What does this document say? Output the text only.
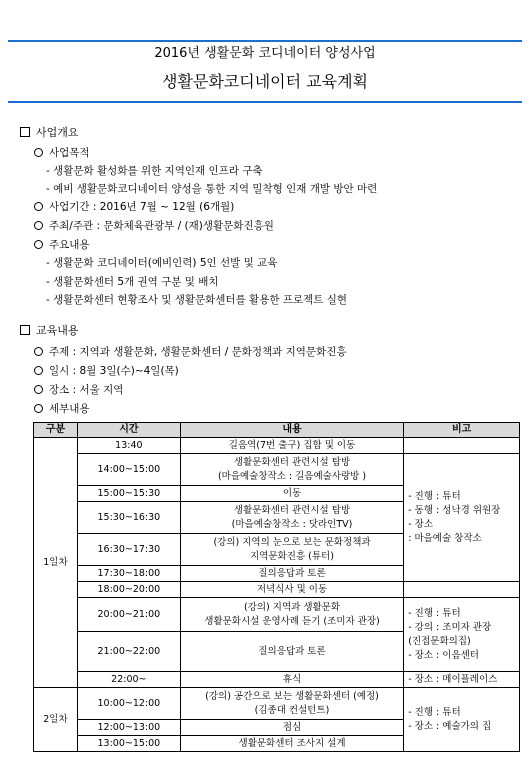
2016년 생활문화 코디네이터 양성사업
생활문화코디네이터 교육계획
사업개요
사업목적
- 생활문화 활성화를 위한 지역인재 인프라 구축
- 예비 생활문화코디네이터 양성을 통한 지역 밀착형 인재 개발 방안 마련
사업기간 : 2016년 7월 ~ 12월 (6개월)
주최/주관 : 문화체육관광부 / (재)생활문화진흥원
주요내용
- 생활문화 코디네이터(예비인력) 5인 선발 및 교육
- 생활문화센터 5개 권역 구분 및 배치
- 생활문화센터 현황조사 및 생활문화센터를 활용한 프로젝트 실현
교육내용
주제 : 지역과 생활문화, 생활문화센터 / 문화정책과 지역문화진흥
일시 : 8월 3일(수)~4일(목)
장소 : 서울 지역
세부내용
구분	시간	내용	비고
1일차	13:40	길음역(7번 출구) 집합 및 이동	
	14:00~15:00	생활문화센터 관련시설 탐방
(마을예술창작소 : 길음예술사랑방 )	- 진행 : 튜터
- 동행 : 성낙경 위원장
- 장소
: 마을예술 창작소
	15:00~15:30	이동	
	15:30~16:30	생활문화센터 관련시설 탐방
(마을예술창작소 : 닷라인TV)	
	16:30~17:30	(강의) 지역의 눈으로 보는 문화정책과
지역문화진흥 (튜터)	
	17:30~18:00	질의응답과 토론	
	18:00~20:00	저녁식사 및 이동	
	20:00~21:00	(강의) 지역과 생활문화
생활문화시설 운영사례 듣기 (조미자 관장)	- 진행 : 튜터
- 강의 : 조미자 관장
(진접문화의집)
- 장소 : 이음센터
	21:00~22:00	질의응답과 토론	
	22:00~	휴식	- 장소 : 메이플레이스
2일차	10:00~12:00	(강의) 공간으로 보는 생활문화센터 (예정)
(김종대 컨설턴트)	- 진행 : 튜터
- 장소 : 예술가의 집
	12:00~13:00	점심	
	13:00~15:00	생활문화센터 조사지 설계	
